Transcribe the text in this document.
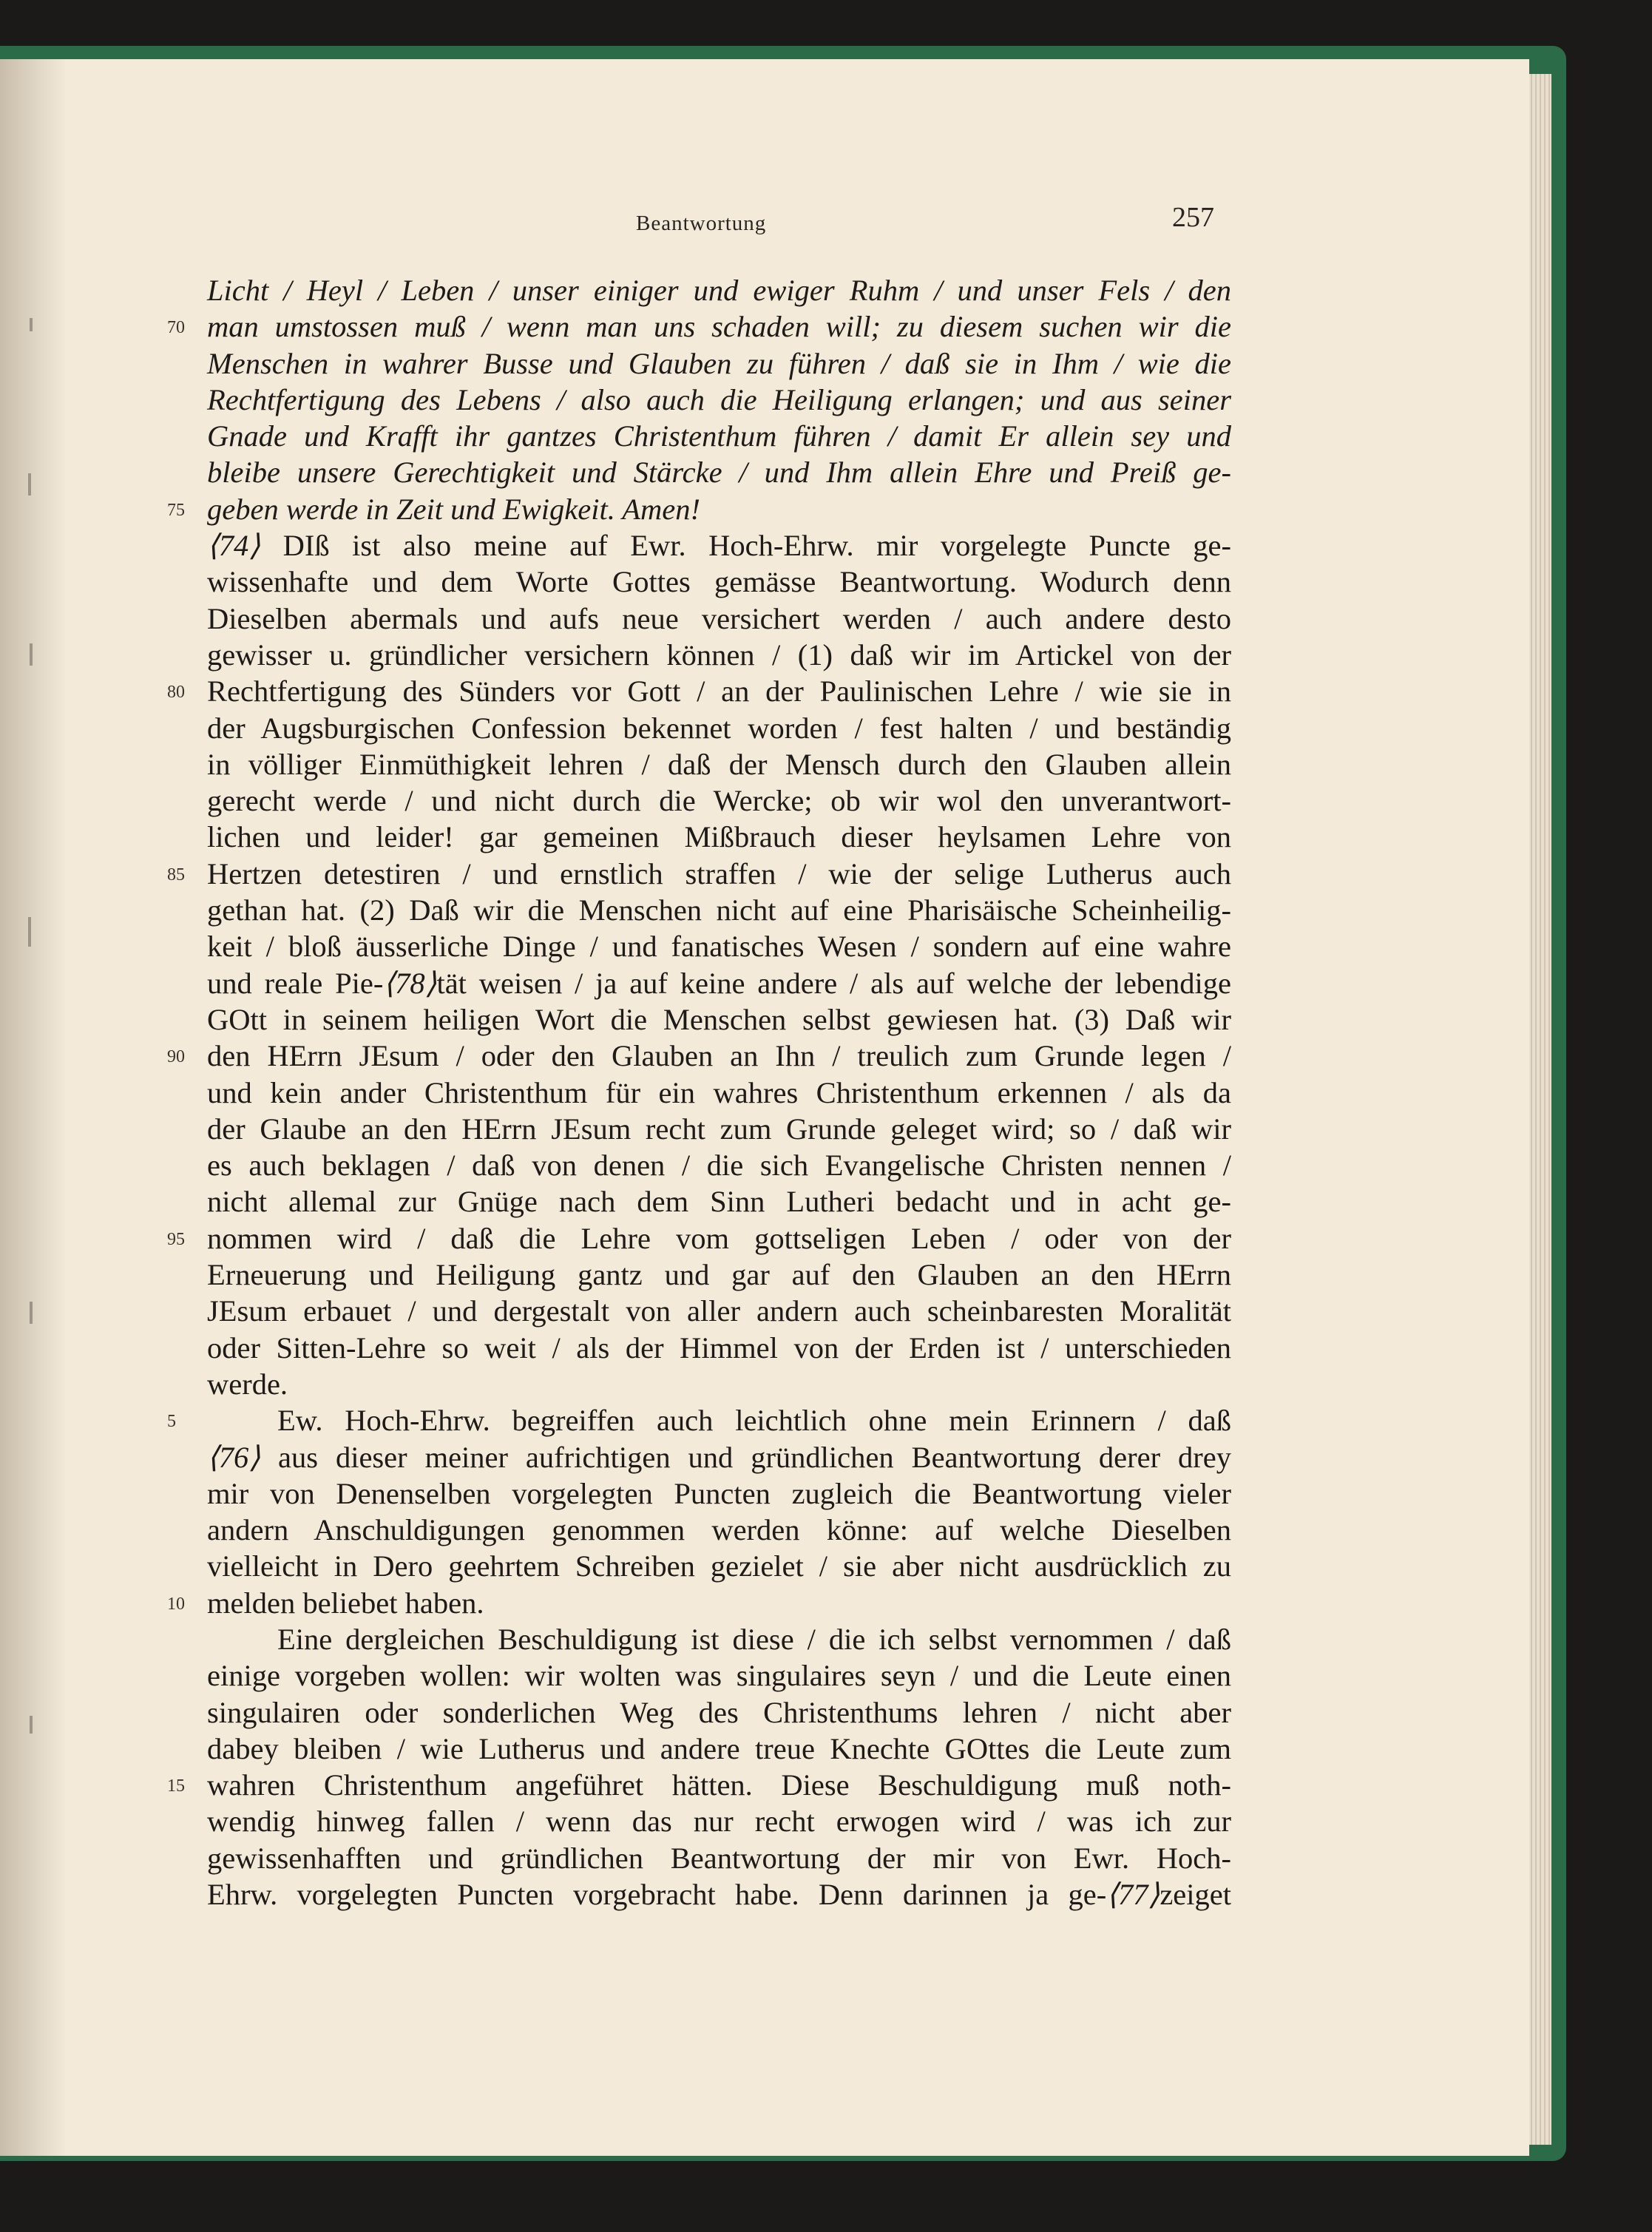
Beantwortung	257
Licht / Heyl / Leben / unser einiger und ewiger Ruhm / und unser Fels / den
70 man umstossen muß / wenn man uns schaden will; zu diesem suchen wir die
Menschen in wahrer Busse und Glauben zu führen / daß sie in Ihm / wie die
Rechtfertigung des Lebens / also auch die Heiligung erlangen; und aus seiner
Gnade und Krafft ihr gantzes Christenthum führen / damit Er allein sey und
bleibe unsere Gerechtigkeit und Stärcke / und Ihm allein Ehre und Preiß ge-
75 geben werde in Zeit und Ewigkeit. Amen!
⟨74⟩ DIß ist also meine auf Ewr. Hoch-Ehrw. mir vorgelegte Puncte ge-
wissenhafte und dem Worte Gottes gemässe Beantwortung. Wodurch denn
Dieselben abermals und aufs neue versichert werden / auch andere desto
gewisser u. gründlicher versichern können / (1) daß wir im Artickel von der
80 Rechtfertigung des Sünders vor Gott / an der Paulinischen Lehre / wie sie in
der Augsburgischen Confession bekennet worden / fest halten / und beständig
in völliger Einmüthigkeit lehren / daß der Mensch durch den Glauben allein
gerecht werde / und nicht durch die Wercke; ob wir wol den unverantwort-
lichen und leider! gar gemeinen Mißbrauch dieser heylsamen Lehre von
85 Hertzen detestiren / und ernstlich straffen / wie der selige Lutherus auch
gethan hat. (2) Daß wir die Menschen nicht auf eine Pharisäische Scheinheilig-
keit / bloß äusserliche Dinge / und fanatisches Wesen / sondern auf eine wahre
und reale Pie-⟨78⟩tät weisen / ja auf keine andere / als auf welche der lebendige
GOtt in seinem heiligen Wort die Menschen selbst gewiesen hat. (3) Daß wir
90 den HErrn JEsum / oder den Glauben an Ihn / treulich zum Grunde legen /
und kein ander Christenthum für ein wahres Christenthum erkennen / als da
der Glaube an den HErrn JEsum recht zum Grunde geleget wird; so / daß wir
es auch beklagen / daß von denen / die sich Evangelische Christen nennen /
nicht allemal zur Gnüge nach dem Sinn Lutheri bedacht und in acht ge-
95 nommen wird / daß die Lehre vom gottseligen Leben / oder von der
Erneuerung und Heiligung gantz und gar auf den Glauben an den HErrn
JEsum erbauet / und dergestalt von aller andern auch scheinbaresten Moralität
oder Sitten-Lehre so weit / als der Himmel von der Erden ist / unterschieden
werde.
5	Ew. Hoch-Ehrw. begreiffen auch leichtlich ohne mein Erinnern / daß
⟨76⟩ aus dieser meiner aufrichtigen und gründlichen Beantwortung derer drey
mir von Denenselben vorgelegten Puncten zugleich die Beantwortung vieler
andern Anschuldigungen genommen werden könne: auf welche Dieselben
vielleicht in Dero geehrtem Schreiben gezielet / sie aber nicht ausdrücklich zu
10 melden beliebet haben.
Eine dergleichen Beschuldigung ist diese / die ich selbst vernommen / daß
einige vorgeben wollen: wir wolten was singulaires seyn / und die Leute einen
singulairen oder sonderlichen Weg des Christenthums lehren / nicht aber
dabey bleiben / wie Lutherus und andere treue Knechte GOttes die Leute zum
15 wahren Christenthum angeführet hätten. Diese Beschuldigung muß noth-
wendig hinweg fallen / wenn das nur recht erwogen wird / was ich zur
gewissenhafften und gründlichen Beantwortung der mir von Ewr. Hoch-
Ehrw. vorgelegten Puncten vorgebracht habe. Denn darinnen ja ge-⟨77⟩zeiget
